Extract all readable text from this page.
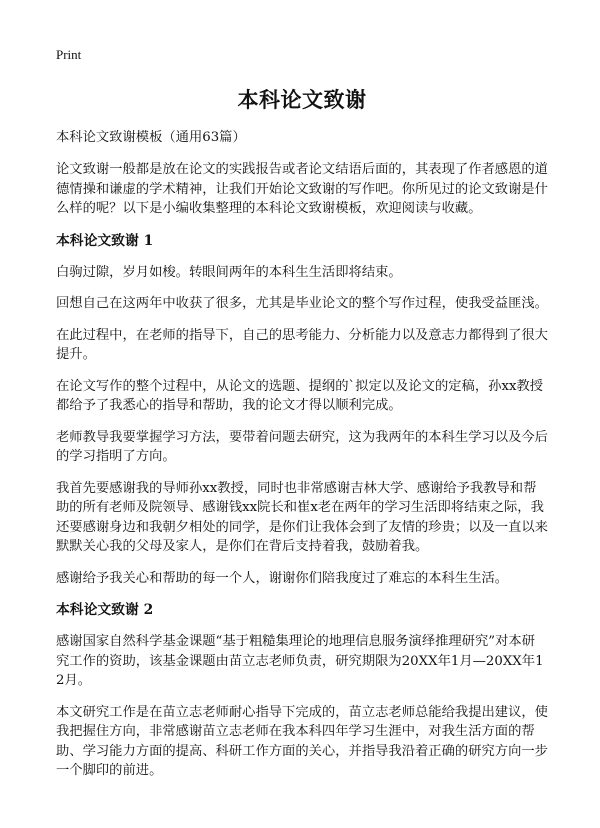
Print
本科论文致谢
本科论文致谢模板（通用63篇）

论文致谢一般都是放在论文的实践报告或者论文结语后面的，其表现了作者感恩的道德情操和谦虚的学术精神，让我们开始论文致谢的写作吧。你所见过的论文致谢是什么样的呢？以下是小编收集整理的本科论文致谢模板，欢迎阅读与收藏。

本科论文致谢 1

白驹过隙，岁月如梭。转眼间两年的本科生生活即将结束。

回想自己在这两年中收获了很多，尤其是毕业论文的整个写作过程，使我受益匪浅。

在此过程中，在老师的指导下，自己的思考能力、分析能力以及意志力都得到了很大提升。

在论文写作的整个过程中，从论文的选题、提纲的`拟定以及论文的定稿，孙xx教授都给予了我悉心的指导和帮助，我的论文才得以顺利完成。

老师教导我要掌握学习方法，要带着问题去研究，这为我两年的本科生学习以及今后的学习指明了方向。

我首先要感谢我的导师孙xx教授，同时也非常感谢吉林大学、感谢给予我教导和帮助的所有老师及院领导、感谢钱xx院长和崔x老在两年的学习生活即将结束之际，我还要感谢身边和我朝夕相处的同学，是你们让我体会到了友情的珍贵；以及一直以来默默关心我的父母及家人，是你们在背后支持着我，鼓励着我。

感谢给予我关心和帮助的每一个人，谢谢你们陪我度过了难忘的本科生生活。

本科论文致谢 2

感谢国家自然科学基金课题“基于粗糙集理论的地理信息服务演绎推理研究”对本研究工作的资助，该基金课题由苗立志老师负责，研究期限为20XX年1月—20XX年12月。

本文研究工作是在苗立志老师耐心指导下完成的，苗立志老师总能给我提出建议，使我把握住方向，非常感谢苗立志老师在我本科四年学习生涯中，对我生活方面的帮助、学习能力方面的提高、科研工作方面的关心，并指导我沿着正确的研究方向一步一个脚印的前进。
